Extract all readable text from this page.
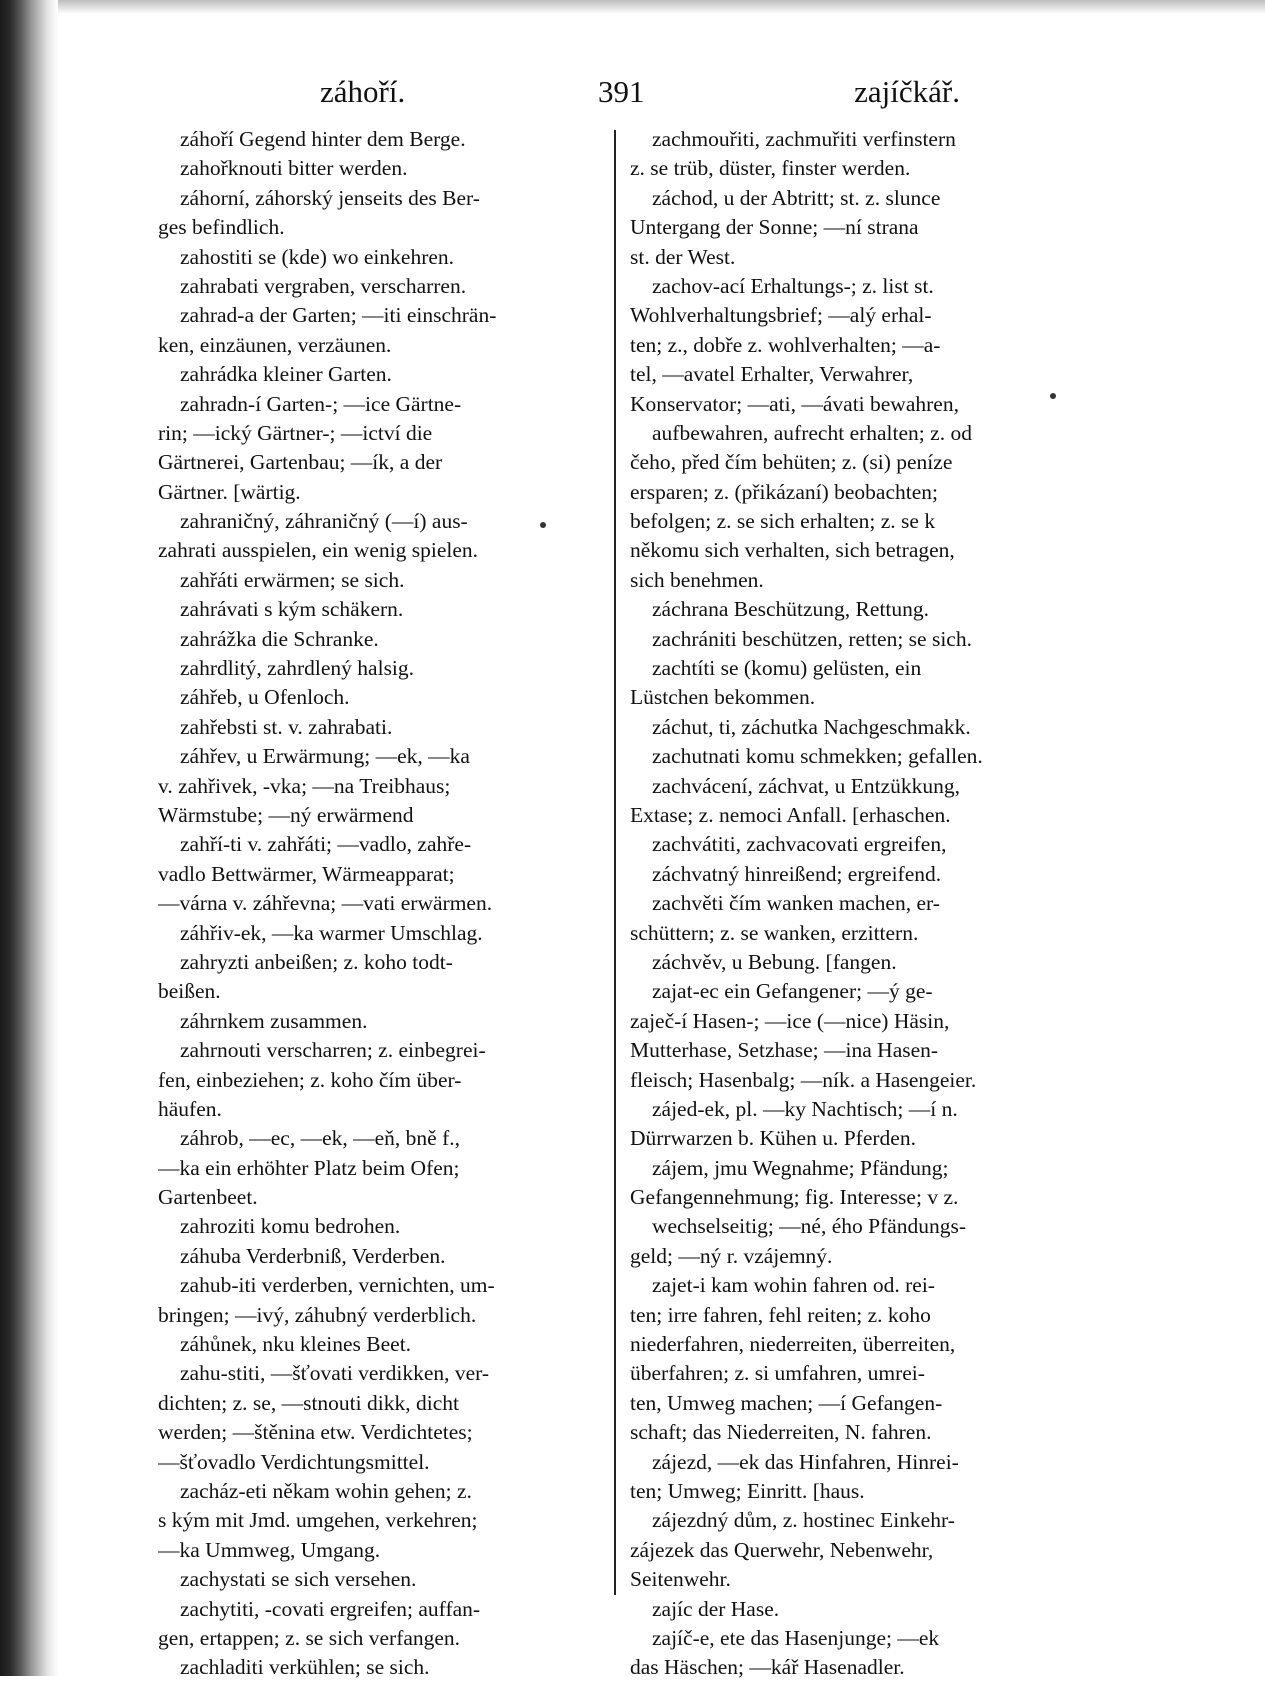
záhoří.	391	zajíčkář.
záhoří Gegend hinter dem Berge.
zahořknouti bitter werden.
záhorní, záhorský jenseits des Ber-
ges befindlich.
zahostiti se (kde) wo einkehren.
zahrabati vergraben, verscharren.
zahrad-a der Garten; —iti einschrän-
ken, einzäunen, verzäunen.
zahrádka kleiner Garten.
zahradn-í Garten-; —ice Gärtne-
rin; —ický Gärtner-; —ictví die
Gärtnerei, Gartenbau; —ík, a der
Gärtner. [wärtig.
zahraničný, záhraničný (—í) aus-
zahrati ausspielen, ein wenig spielen.
zahřáti erwärmen; se sich.
zahrávati s kým schäkern.
zahrážka die Schranke.
zahrdlitý, zahrdlený halsig.
záhřeb, u Ofenloch.
zahřebsti st. v. zahrabati.
záhřev, u Erwärmung; —ek, —ka
v. zahřivek, -vka; —na Treibhaus;
Wärmstube; —ný erwärmend
zahří-ti v. zahřáti; —vadlo, zahře-
vadlo Bettwärmer, Wärmeapparat;
—várna v. záhřevna; —vati erwärmen.
záhřiv-ek, —ka warmer Umschlag.
zahryzti anbeißen; z. koho todt-
beißen.
záhrnkem zusammen.
zahrnouti verscharren; z. einbegrei-
fen, einbeziehen; z. koho čím über-
häufen.
záhrob, —ec, —ek, —eň, bně f.,
—ka ein erhöhter Platz beim Ofen;
Gartenbeet.
zahroziti komu bedrohen.
záhuba Verderbniß, Verderben.
zahub-iti verderben, vernichten, um-
bringen; —ivý, záhubný verderblich.
záhůnek, nku kleines Beet.
zahu-stiti, —šťovati verdikken, ver-
dichten; z. se, —stnouti dikk, dicht
werden; —štěnina etw. Verdichtetes;
—šťovadlo Verdichtungsmittel.
zacház-eti někam wohin gehen; z.
s kým mit Jmd. umgehen, verkehren;
—ka Ummweg, Umgang.
zachystati se sich versehen.
zachytiti, -covati ergreifen; auffan-
gen, ertappen; z. se sich verfangen.
zachladiti verkühlen; se sich.
zachmouřiti, zachmuřiti verfinstern
z. se trüb, düster, finster werden.
záchod, u der Abtritt; st. z. slunce
Untergang der Sonne; —ní strana
st. der West.
zachov-ací Erhaltungs-; z. list st.
Wohlverhaltungsbrief; —alý erhal-
ten; z., dobře z. wohlverhalten; —a-
tel, —avatel Erhalter, Verwahrer,
Konservator; —ati, —ávati bewahren,
aufbewahren, aufrecht erhalten; z. od
čeho, před čím behüten; z. (si) peníze
ersparen; z. (přikázaní) beobachten;
befolgen; z. se sich erhalten; z. se k
někomu sich verhalten, sich betragen,
sich benehmen.
záchrana Beschützung, Rettung.
zachrániti beschützen, retten; se sich.
zachtíti se (komu) gelüsten, ein
Lüstchen bekommen.
záchut, ti, záchutka Nachgeschmakk.
zachutnati komu schmekken; gefallen.
zachvácení, záchvat, u Entzükkung,
Extase; z. nemoci Anfall. [erhaschen.
zachvátiti, zachvacovati ergreifen,
záchvatný hinreißend; ergreifend.
zachvěti čím wanken machen, er-
schüttern; z. se wanken, erzittern.
záchvěv, u Bebung. [fangen.
zajat-ec ein Gefangener; —ý ge-
zaječ-í Hasen-; —ice (—nice) Häsin,
Mutterhase, Setzhase; —ina Hasen-
fleisch; Hasenbalg; —ník. a Hasengeier.
zájed-ek, pl. —ky Nachtisch; —í n.
Dürrwarzen b. Kühen u. Pferden.
zájem, jmu Wegnahme; Pfändung;
Gefangennehmung; fig. Interesse; v z.
wechselseitig; —né, ého Pfändungs-
geld; —ný r. vzájemný.
zajet-i kam wohin fahren od. rei-
ten; irre fahren, fehl reiten; z. koho
niederfahren, niederreiten, überreiten,
überfahren; z. si umfahren, umrei-
ten, Umweg machen; —í Gefangen-
schaft; das Niederreiten, N. fahren.
zájezd, —ek das Hinfahren, Hinrei-
ten; Umweg; Einritt. [haus.
zájezdný dům, z. hostinec Einkehr-
zájezek das Querwehr, Nebenwehr,
Seitenwehr.
zajíc der Hase.
zajíč-e, ete das Hasenjunge; —ek
das Häschen; —kář Hasenadler.
